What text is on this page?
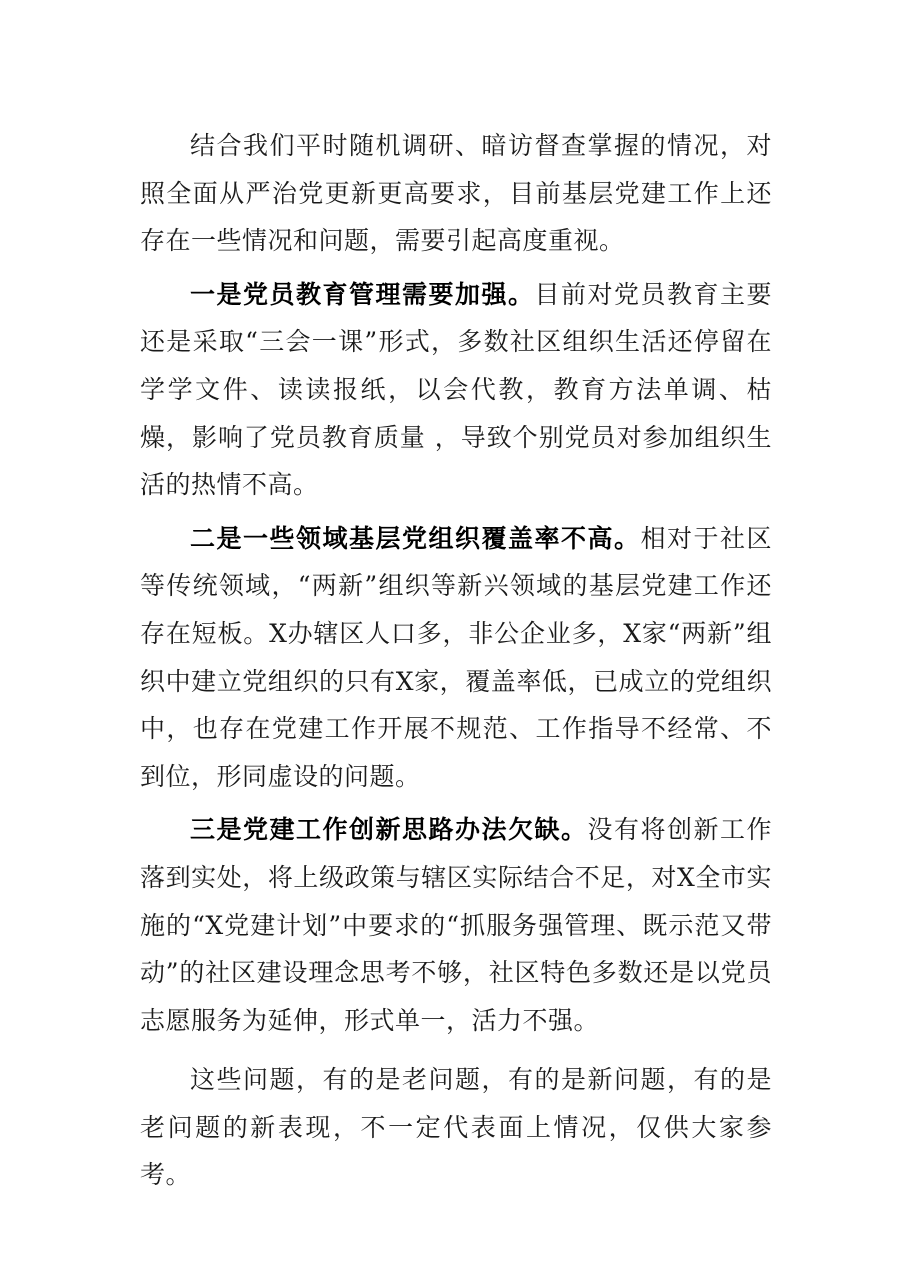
结合我们平时随机调研、暗访督查掌握的情况，对照全面从严治党更新更高要求，目前基层党建工作上还存在一些情况和问题，需要引起高度重视。

一是党员教育管理需要加强。目前对党员教育主要还是采取“三会一课”形式，多数社区组织生活还停留在学学文件、读读报纸，以会代教，教育方法单调、枯燥，影响了党员教育质量 ，导致个别党员对参加组织生活的热情不高。

二是一些领域基层党组织覆盖率不高。相对于社区等传统领域，“两新”组织等新兴领域的基层党建工作还存在短板。X办辖区人口多，非公企业多，X家“两新”组织中建立党组织的只有X家，覆盖率低，已成立的党组织中，也存在党建工作开展不规范、工作指导不经常、不到位，形同虚设的问题。

三是党建工作创新思路办法欠缺。没有将创新工作落到实处，将上级政策与辖区实际结合不足，对X全市实施的“X党建计划”中要求的“抓服务强管理、既示范又带动”的社区建设理念思考不够，社区特色多数还是以党员志愿服务为延伸，形式单一，活力不强。

这些问题，有的是老问题，有的是新问题，有的是老问题的新表现，不一定代表面上情况，仅供大家参考。
